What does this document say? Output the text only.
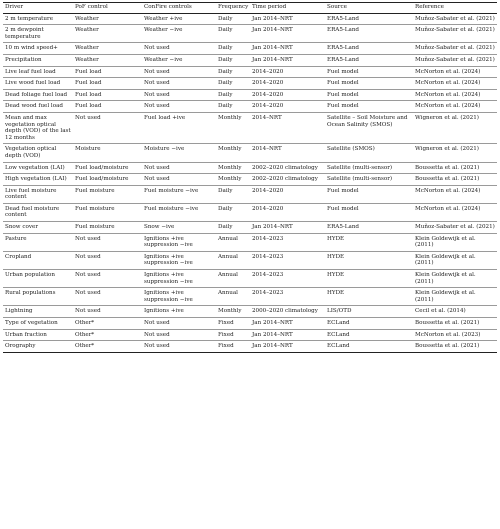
Driver	PoF control	ConFire controls	Frequency	Time period	Source	Reference
2 m temperature	Weather	Weather +ive	Daily	Jan 2014–NRT	ERA5-Land	Muñoz-Sabater et al. (2021)
2 m dewpoint temperature	Weather	Weather −ive	Daily	Jan 2014–NRT	ERA5-Land	Muñoz-Sabater et al. (2021)
10 m wind speed+	Weather	Not used	Daily	Jan 2014–NRT	ERA5-Land	Muñoz-Sabater et al. (2021)
Precipitation	Weather	Weather −ive	Daily	Jan 2014–NRT	ERA5-Land	Muñoz-Sabater et al. (2021)
Live leaf fuel load	Fuel load	Not used	Daily	2014–2020	Fuel model	McNorton et al. (2024)
Live wood fuel load	Fuel load	Not used	Daily	2014–2020	Fuel model	McNorton et al. (2024)
Dead foliage fuel load	Fuel load	Not used	Daily	2014–2020	Fuel model	McNorton et al. (2024)
Dead wood fuel load	Fuel load	Not used	Daily	2014–2020	Fuel model	McNorton et al. (2024)
Mean and max vegetation optical depth (VOD) of the last 12 months	Not used	Fuel load +ive	Monthly	2014–NRT	Satellite – Soil Moisture and Ocean Salinity (SMOS)	Wigneron et al. (2021)
Vegetation optical depth (VOD)	Moisture	Moisture −ive	Monthly	2014–NRT	Satellite (SMOS)	Wigneron et al. (2021)
Low vegetation (LAI)	Fuel load/moisture	Not used	Monthly	2002–2020 climatology	Satellite (multi-sensor)	Boussetta et al. (2021)
High vegetation (LAI)	Fuel load/moisture	Not used	Monthly	2002–2020 climatology	Satellite (multi-sensor)	Boussetta et al. (2021)
Live fuel moisture content	Fuel moisture	Fuel moisture −ive	Daily	2014–2020	Fuel model	McNorton et al. (2024)
Dead fuel moisture content	Fuel moisture	Fuel moisture −ive	Daily	2014–2020	Fuel model	McNorton et al. (2024)
Snow cover	Fuel moisture	Snow −ive	Daily	Jan 2014–NRT	ERA5-Land	Muñoz-Sabater et al. (2021)
Pasture	Not used	Ignitions +ive suppression −ive	Annual	2014–2023	HYDE	Klein Goldewijk et al. (2011)
Cropland	Not used	Ignitions +ive suppression −ive	Annual	2014–2023	HYDE	Klein Goldewijk et al. (2011)
Urban population	Not used	Ignitions +ive suppression −ive	Annual	2014–2023	HYDE	Klein Goldewijk et al. (2011)
Rural populations	Not used	Ignitions +ive suppression −ive	Annual	2014–2023	HYDE	Klein Goldewijk et al. (2011)
Lightning	Not used	Ignitions +ive	Monthly	2000–2020 climatology	LIS/OTD	Cecil et al. (2014)
Type of vegetation	Other*	Not used	Fixed	Jan 2014–NRT	ECLand	Boussetta et al. (2021)
Urban fraction	Other*	Not used	Fixed	Jan 2014–NRT	ECLand	McNorton et al. (2023)
Orography	Other*	Not used	Fixed	Jan 2014–NRT	ECLand	Boussetta et al. (2021)
